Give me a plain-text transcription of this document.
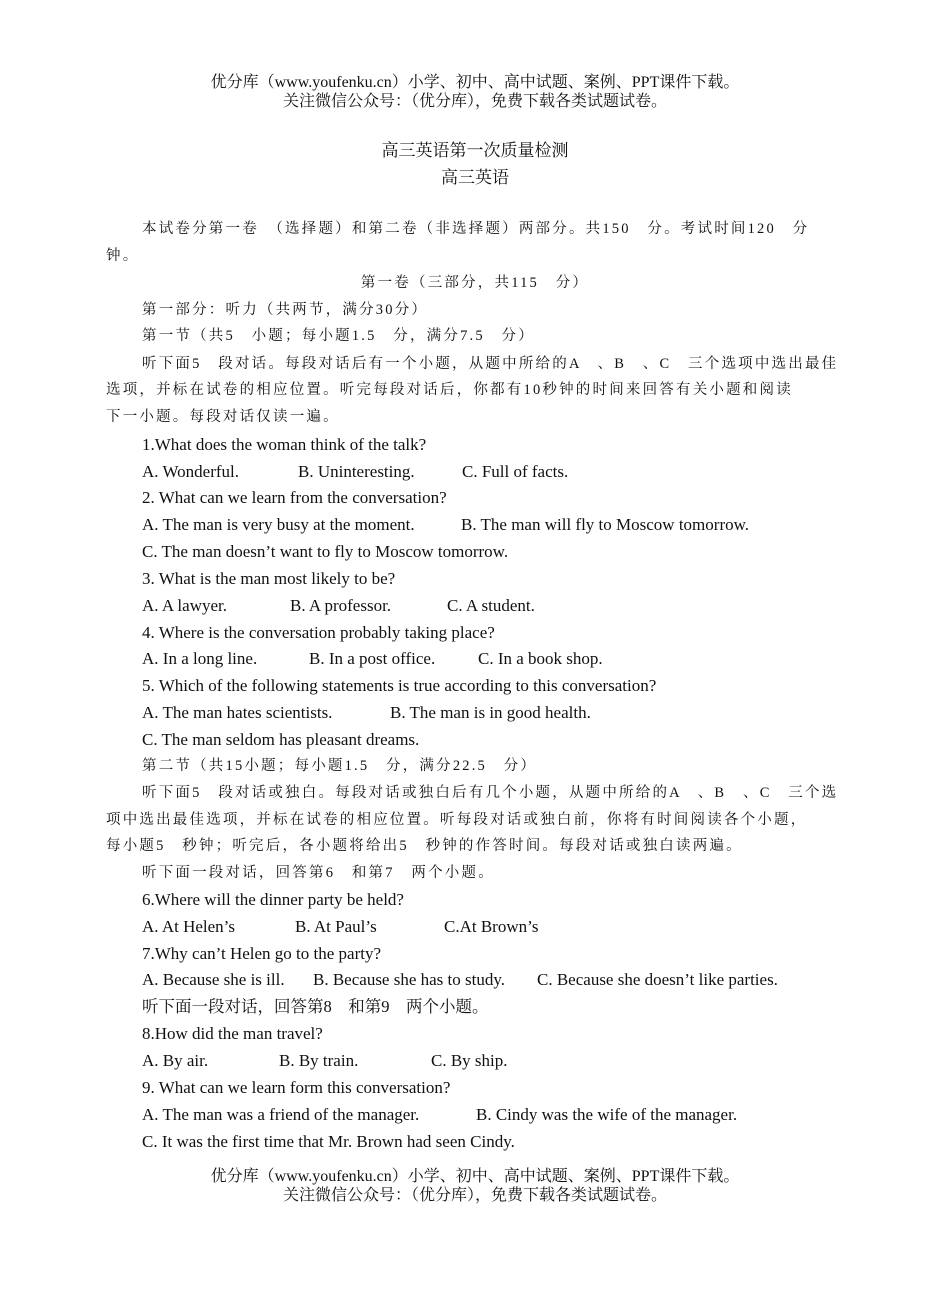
优分库（www.youfenku.cn）小学、初中、高中试题、案例、PPT课件下载。
关注微信公众号：（优分库），免费下载各类试题试卷。
高三英语第一次质量检测
高三英语
本试卷分第一卷　（选择题）和第二卷（非选择题）两部分。共150　分。考试时间120　分
钟。
第一卷（三部分，共115　分）
第一部分：听力（共两节，满分30分）
第一节（共5　小题；每小题1.5　分，满分7.5　分）
听下面5　段对话。每段对话后有一个小题，从题中所给的A　、B　、C　三个选项中选出最佳
选项，并标在试卷的相应位置。听完每段对话后，你都有10秒钟的时间来回答有关小题和阅读
下一小题。每段对话仅读一遍。
1.What does the woman think of the talk?
A. Wonderful.	B. Uninteresting.	C. Full of facts.
2. What can we learn from the conversation?
A. The man is very busy at the moment.	B. The man will fly to Moscow tomorrow.
C. The man doesn’t want to fly to Moscow tomorrow.
3. What is the man most likely to be?
A. A lawyer.	B. A professor.	C. A student.
4. Where is the conversation probably taking place?
A. In a long line.	B. In a post office.	C. In a book shop.
5. Which of the following statements is true according to this conversation?
A. The man hates scientists.	B. The man is in good health.
C. The man seldom has pleasant dreams.
第二节（共15小题；每小题1.5　分，满分22.5　分）
听下面5　段对话或独白。每段对话或独白后有几个小题，从题中所给的A　、B　、C　三个选
项中选出最佳选项，并标在试卷的相应位置。听每段对话或独白前，你将有时间阅读各个小题，
每小题5　秒钟；听完后，各小题将给出5　秒钟的作答时间。每段对话或独白读两遍。
听下面一段对话，回答第6　和第7　两个小题。
6.Where will the dinner party be held?
A. At Helen’s	B. At Paul’s	C.At Brown’s
7.Why can’t Helen go to the party?
A. Because she is ill. B. Because she has to study. C. Because she doesn’t like parties.
听下面一段对话，回答第8　和第9　两个小题。
8.How did the man travel?
A. By air.	B. By train.	C. By ship.
9. What can we learn form this conversation?
A. The man was a friend of the manager.	B. Cindy was the wife of the manager.
C. It was the first time that Mr. Brown had seen Cindy.
优分库（www.youfenku.cn）小学、初中、高中试题、案例、PPT课件下载。
关注微信公众号：（优分库），免费下载各类试题试卷。
